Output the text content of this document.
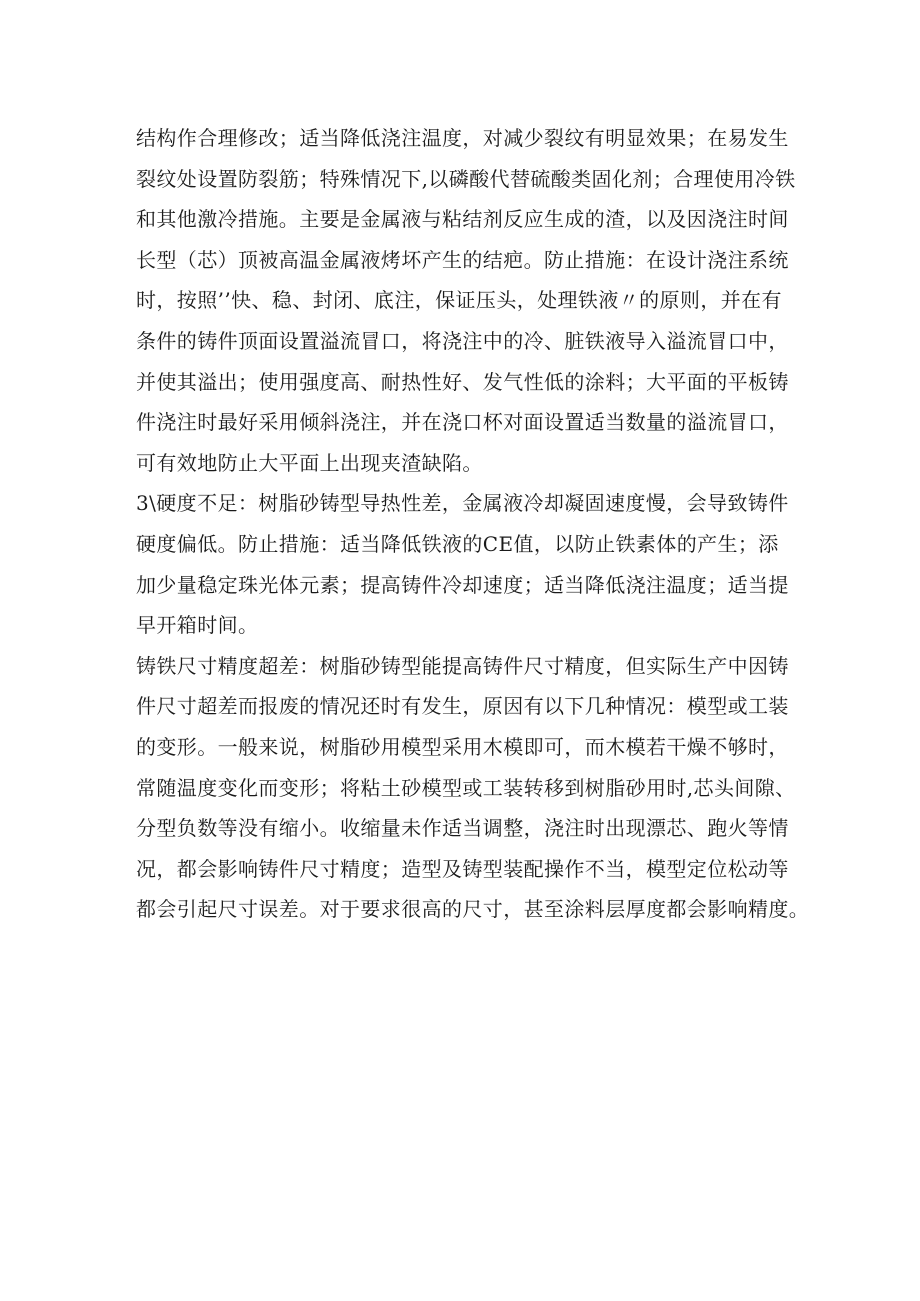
结构作合理修改；适当降低浇注温度，对减少裂纹有明显效果；在易发生
裂纹处设置防裂筋；特殊情况下,以磷酸代替硫酸类固化剂；合理使用冷铁
和其他激冷措施。主要是金属液与粘结剂反应生成的渣，以及因浇注时间
长型（芯）顶被高温金属液烤坏产生的结疤。防止措施：在设计浇注系统
时，按照’’快、稳、封闭、底注，保证压头，处理铁液〃的原则，并在有
条件的铸件顶面设置溢流冒口，将浇注中的冷、脏铁液导入溢流冒口中，
并使其溢出；使用强度高、耐热性好、发气性低的涂料；大平面的平板铸
件浇注时最好采用倾斜浇注，并在浇口杯对面设置适当数量的溢流冒口，
可有效地防止大平面上出现夹渣缺陷。
3\硬度不足：树脂砂铸型导热性差，金属液冷却凝固速度慢，会导致铸件
硬度偏低。防止措施：适当降低铁液的CE值，以防止铁素体的产生；添
加少量稳定珠光体元素；提高铸件冷却速度；适当降低浇注温度；适当提
早开箱时间。
铸铁尺寸精度超差：树脂砂铸型能提高铸件尺寸精度，但实际生产中因铸
件尺寸超差而报废的情况还时有发生，原因有以下几种情况：模型或工装
的变形。一般来说，树脂砂用模型采用木模即可，而木模若干燥不够时，
常随温度变化而变形；将粘土砂模型或工装转移到树脂砂用时,芯头间隙、
分型负数等没有缩小。收缩量未作适当调整，浇注时出现漂芯、跑火等情
况，都会影响铸件尺寸精度；造型及铸型装配操作不当，模型定位松动等
都会引起尺寸误差。对于要求很高的尺寸，甚至涂料层厚度都会影响精度。
